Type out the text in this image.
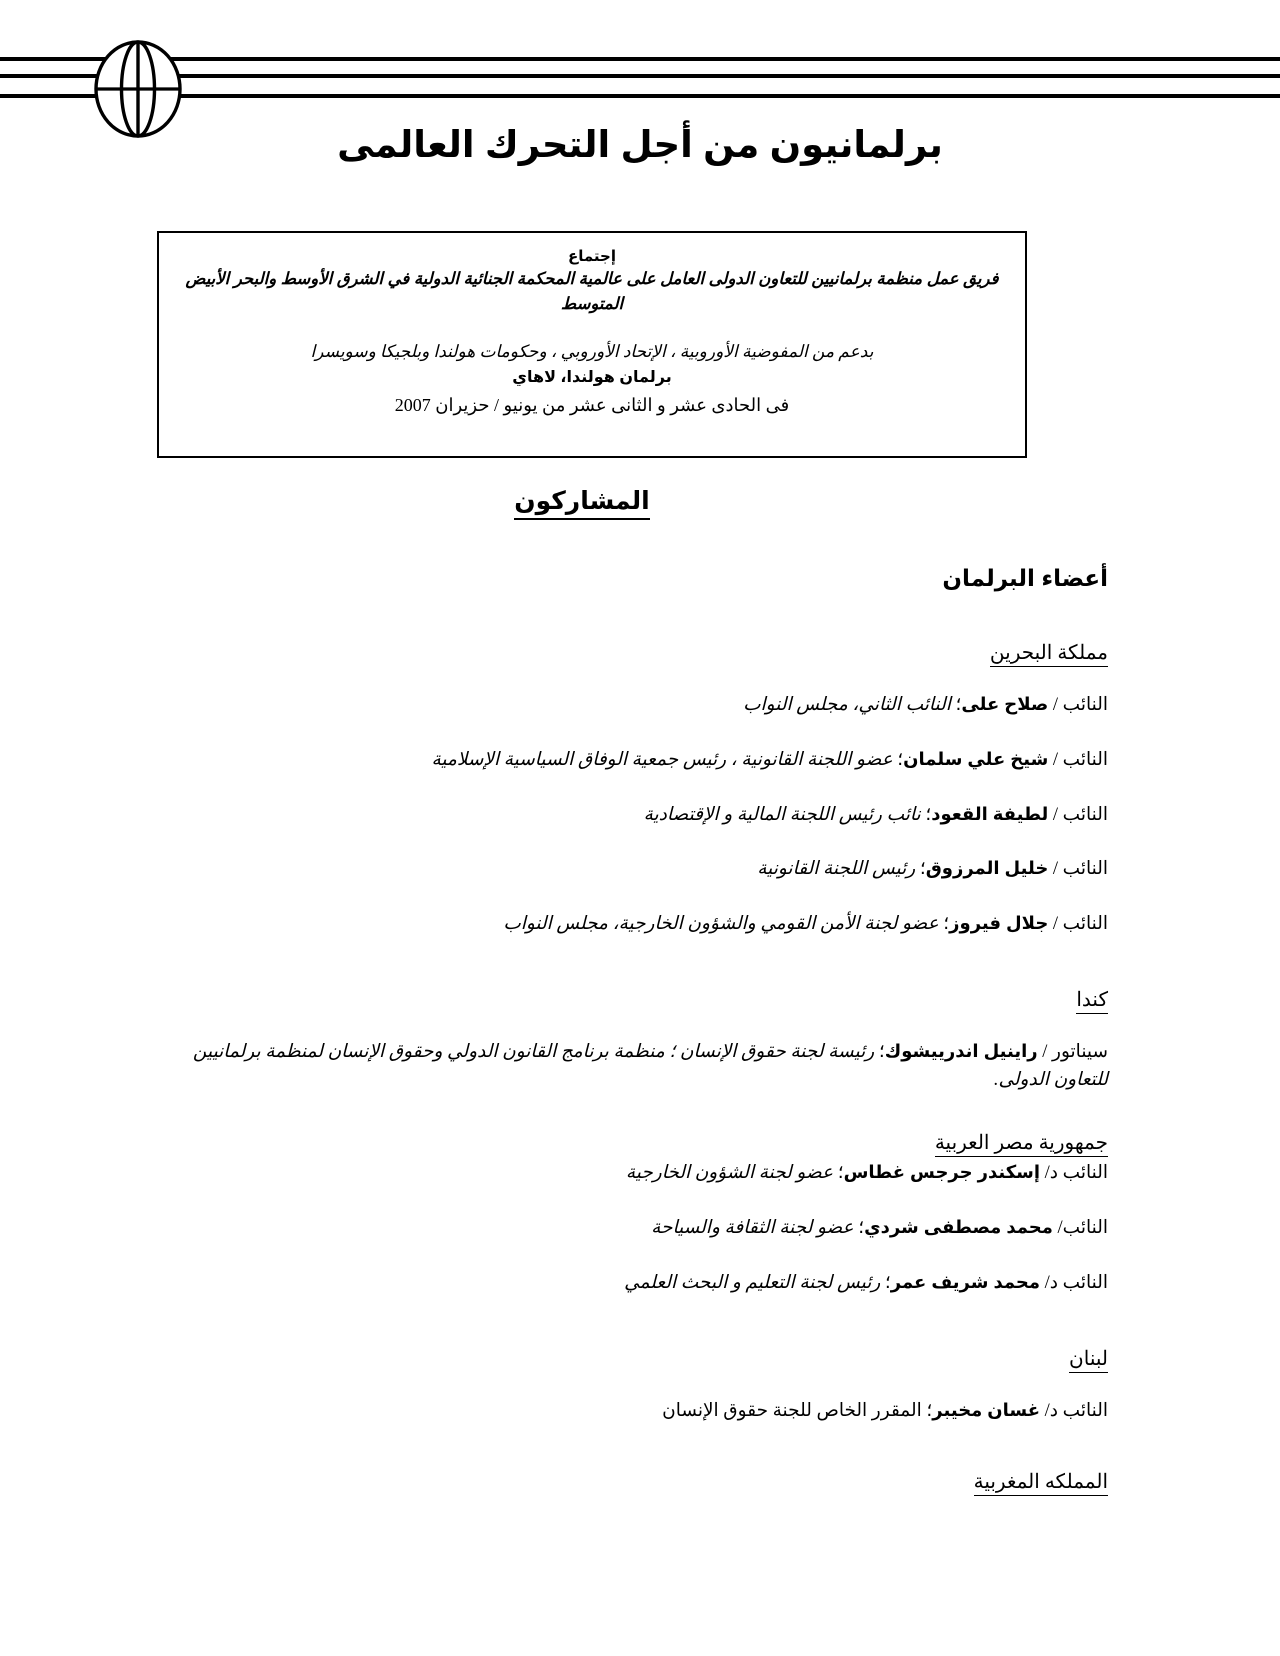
برلمانيون من أجل التحرك العالمى
إجتماع
فريق عمل منظمة برلمانيين للتعاون الدولى العامل على عالمية المحكمة الجنائية الدولية في الشرق الأوسط والبحر الأبيض المتوسط
بدعم من المفوضية الأوروبية ، الإتحاد الأوروبي ، وحكومات هولندا وبلجيكا وسويسرا
برلمان هولندا، لاهاي
فى الحادى عشر و الثانى عشر من يونيو / حزيران 2007
المشاركون
أعضاء البرلمان
مملكة البحرين
النائب / صلاح على؛ النائب الثاني، مجلس النواب
النائب / شيخ علي سلمان؛ عضو اللجنة القانونية ، رئيس جمعية الوفاق السياسية الإسلامية
النائب / لطيفة القعود؛ نائب رئيس اللجنة المالية و الإقتصادية
النائب / خليل المرزوق؛ رئيس اللجنة القانونية
النائب / جلال فيروز؛ عضو لجنة الأمن القومي والشؤون الخارجية، مجلس النواب
كندا
سيناتور / راينيل اندرييشوك؛ رئيسة لجنة حقوق الإنسان ؛ منظمة برنامج القانون الدولي وحقوق الإنسان لمنظمة برلمانيين للتعاون الدولى.
جمهورية مصر العربية
النائب د/ إسكندر جرجس غطاس؛ عضو لجنة الشؤون الخارجية
النائب/ محمد مصطفى شردي؛ عضو لجنة الثقافة والسياحة
النائب د/ محمد شريف عمر؛ رئيس لجنة التعليم و البحث العلمي
لبنان
النائب د/ غسان مخيبر؛ المقرر الخاص للجنة حقوق الإنسان
المملكه المغربية
